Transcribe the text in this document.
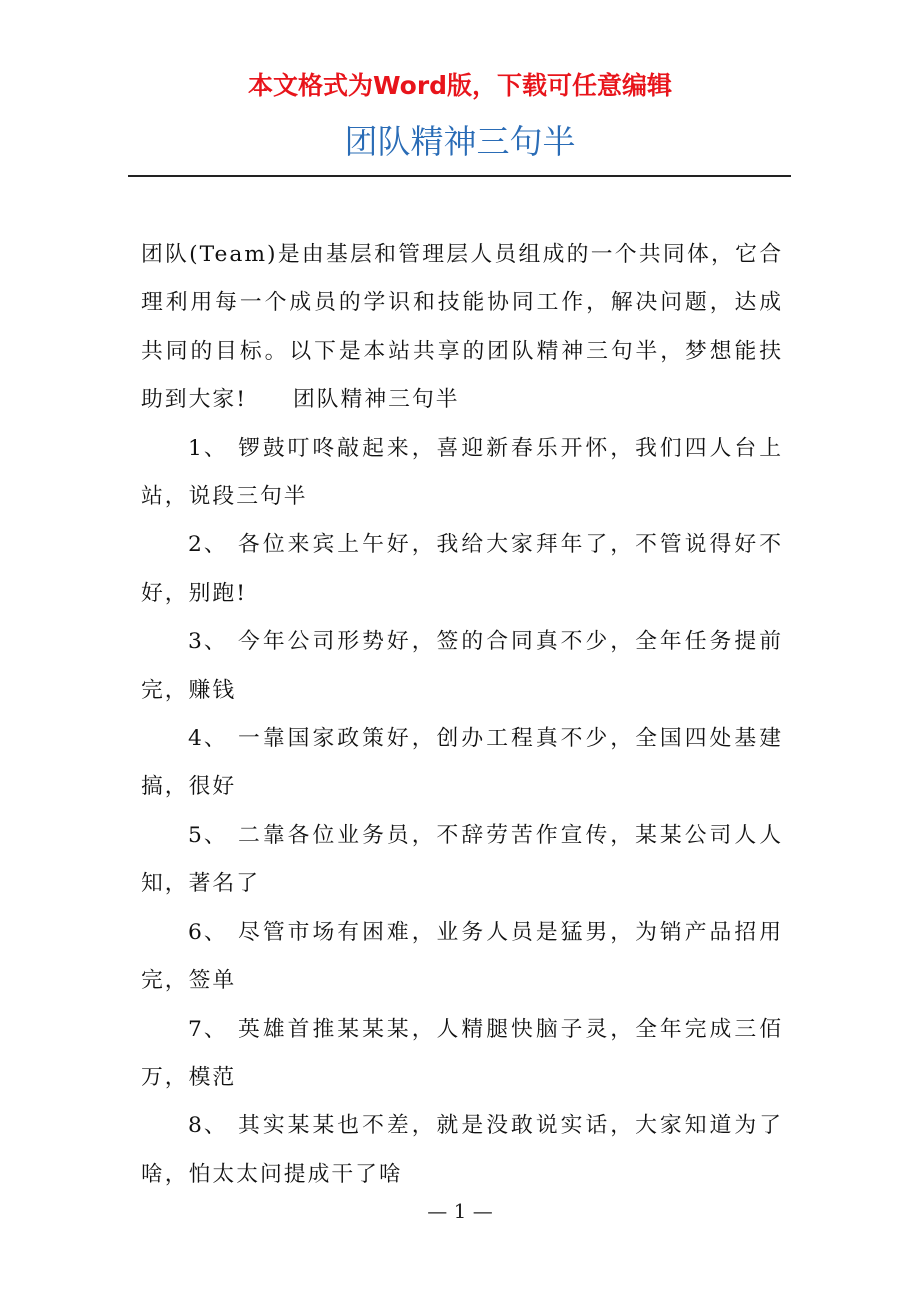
本文格式为Word版，下载可任意编辑
团队精神三句半

团队(Team)是由基层和管理层人员组成的一个共同体，它合理利用每一个成员的学识和技能协同工作，解决问题，达成共同的目标。以下是本站共享的团队精神三句半，梦想能扶助到大家! 团队精神三句半

1、 锣鼓叮咚敲起来，喜迎新春乐开怀，我们四人台上站，说段三句半

2、 各位来宾上午好，我给大家拜年了，不管说得好不好，别跑!

3、 今年公司形势好，签的合同真不少，全年任务提前完，赚钱

4、 一靠国家政策好，创办工程真不少，全国四处基建搞，很好

5、 二靠各位业务员，不辞劳苦作宣传，某某公司人人知，著名了

6、 尽管市场有困难，业务人员是猛男，为销产品招用完，签单

7、 英雄首推某某某，人精腿快脑子灵，全年完成三佰万，模范

8、 其实某某也不差，就是没敢说实话，大家知道为了啥，怕太太问提成干了啥

— 1 —
